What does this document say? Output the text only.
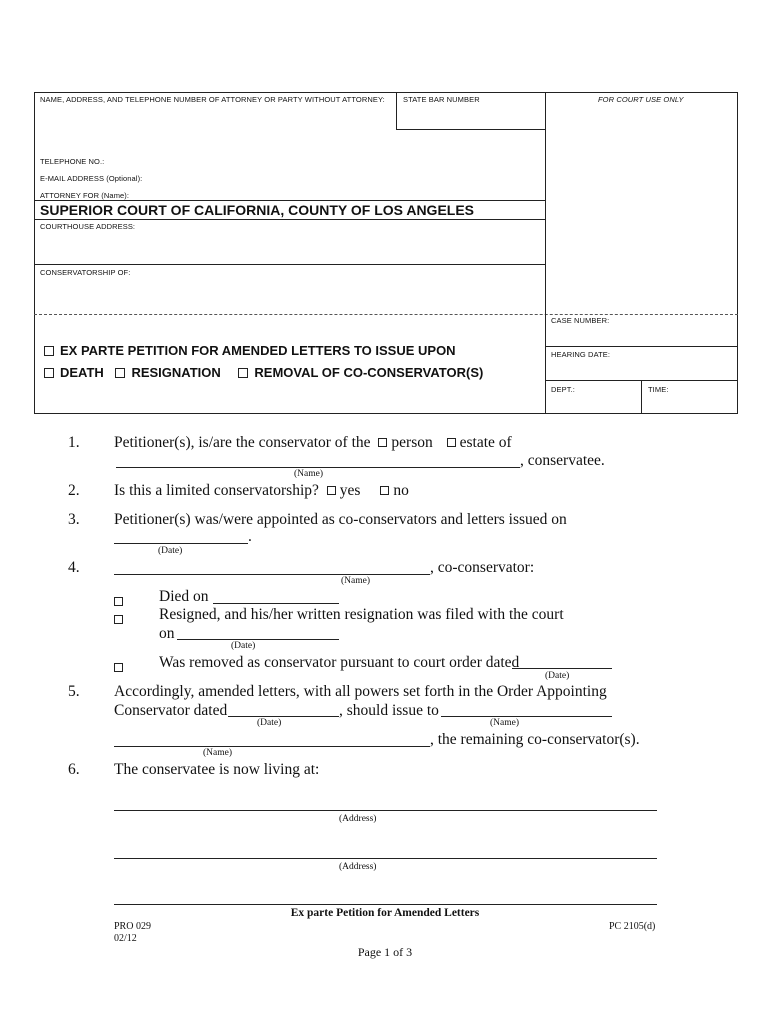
NAME, ADDRESS, AND TELEPHONE NUMBER OF ATTORNEY OR PARTY WITHOUT ATTORNEY: STATE BAR NUMBER	FOR COURT USE ONLY
TELEPHONE NO.:
E-MAIL ADDRESS (Optional):
ATTORNEY FOR (Name):
SUPERIOR COURT OF CALIFORNIA, COUNTY OF LOS ANGELES
COURTHOUSE ADDRESS:
CONSERVATORSHIP OF:
CASE NUMBER:
HEARING DATE:
DEPT.:	TIME:
EX PARTE PETITION FOR AMENDED LETTERS TO ISSUE UPON
DEATH RESIGNATION	REMOVAL OF CO-CONSERVATOR(S)
1. Petitioner(s), is/are the conservator of the person estate of
, conservatee.
(Name)
2. Is this a limited conservatorship? yes no
3. Petitioner(s) was/were appointed as co-conservators and letters issued on
.
(Date)
4.	, co-conservator:
(Name)
Died on
Resigned, and his/her written resignation was filed with the court
on
(Date)
Was removed as conservator pursuant to court order dated
(Date)
5. Accordingly, amended letters, with all powers set forth in the Order Appointing
Conservator dated	, should issue to
(Date)	(Name)
, the remaining co-conservator(s).
(Name)
6. The conservatee is now living at:
(Address)
(Address)
Ex parte Petition for Amended Letters
PRO 029
02/12
PC 2105(d)
Page 1 of 3
